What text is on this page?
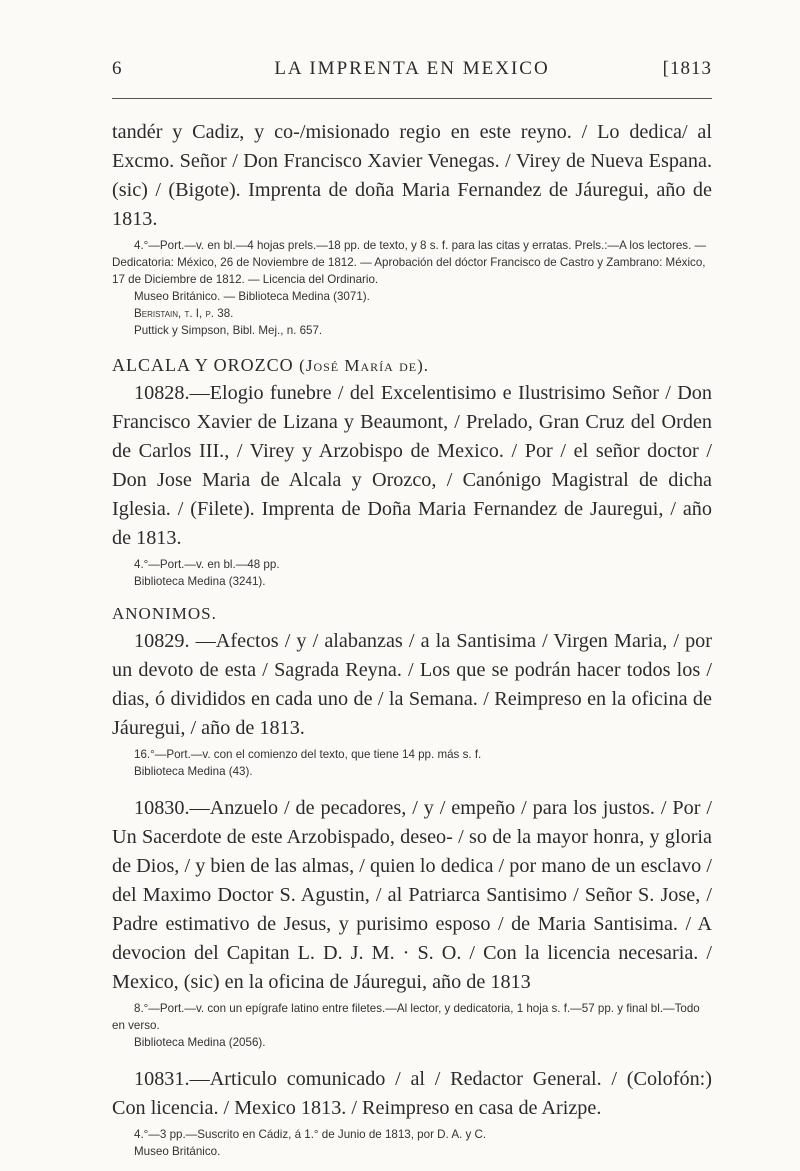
6	LA IMPRENTA EN MEXICO	[1813

tandér y Cadiz, y co-/misionado regio en este reyno. / Lo dedica/ al Excmo. Señor / Don Francisco Xavier Venegas. / Virey de Nueva Espana. (sic) / (Bigote). Imprenta de doña Maria Fernandez de Jáuregui, año de 1813.

4.°—Port.—v. en bl.—4 hojas prels.—18 pp. de texto, y 8 s. f. para las citas y erratas. Prels.:—A los lectores. — Dedicatoria: México, 26 de Noviembre de 1812. — Aprobación del dóctor Francisco de Castro y Zambrano: México, 17 de Diciembre de 1812. — Licencia del Ordinario.

Museo Británico. — Biblioteca Medina (3071).

Beristain, t. I, p. 38.

Puttick y Simpson, Bibl. Mej., n. 657.

ALCALA Y OROZCO (José María de).

10828.—Elogio funebre / del Excelentisimo e Ilustrisimo Señor / Don Francisco Xavier de Lizana y Beaumont, / Prelado, Gran Cruz del Orden de Carlos III., / Virey y Arzobispo de Mexico. / Por / el señor doctor / Don Jose Maria de Alcala y Orozco, / Canónigo Magistral de dicha Iglesia. / (Filete). Imprenta de Doña Maria Fernandez de Jauregui, / año de 1813.

4.°—Port.—v. en bl.—48 pp.

Biblioteca Medina (3241).

ANONIMOS.

10829. —Afectos / y / alabanzas / a la Santisima / Virgen Maria, / por un devoto de esta / Sagrada Reyna. / Los que se podrán hacer todos los / dias, ó divididos en cada uno de / la Semana. / Reimpreso en la oficina de Jáuregui, / año de 1813.

16.°—Port.—v. con el comienzo del texto, que tiene 14 pp. más s. f.

Biblioteca Medina (43).

10830.—Anzuelo / de pecadores, / y / empeño / para los justos. / Por / Un Sacerdote de este Arzobispado, deseo- / so de la mayor honra, y gloria de Dios, / y bien de las almas, / quien lo dedica / por mano de un esclavo / del Maximo Doctor S. Agustin, / al Patriarca Santisimo / Señor S. Jose, / Padre estimativo de Jesus, y purisimo esposo / de Maria Santisima. / A devocion del Capitan L. D. J. M. · S. O. / Con la licencia necesaria. / Mexico, (sic) en la oficina de Jáuregui, año de 1813

8.°—Port.—v. con un epígrafe latino entre filetes.—Al lector, y dedicatoria, 1 hoja s. f.—57 pp. y final bl.—Todo en verso.

Biblioteca Medina (2056).

10831.—Articulo comunicado / al / Redactor General. / (Colofón:) Con licencia. / Mexico 1813. / Reimpreso en casa de Arizpe.

4.°—3 pp.—Suscrito en Cádiz, á 1.° de Junio de 1813, por D. A. y C.

Museo Británico.
